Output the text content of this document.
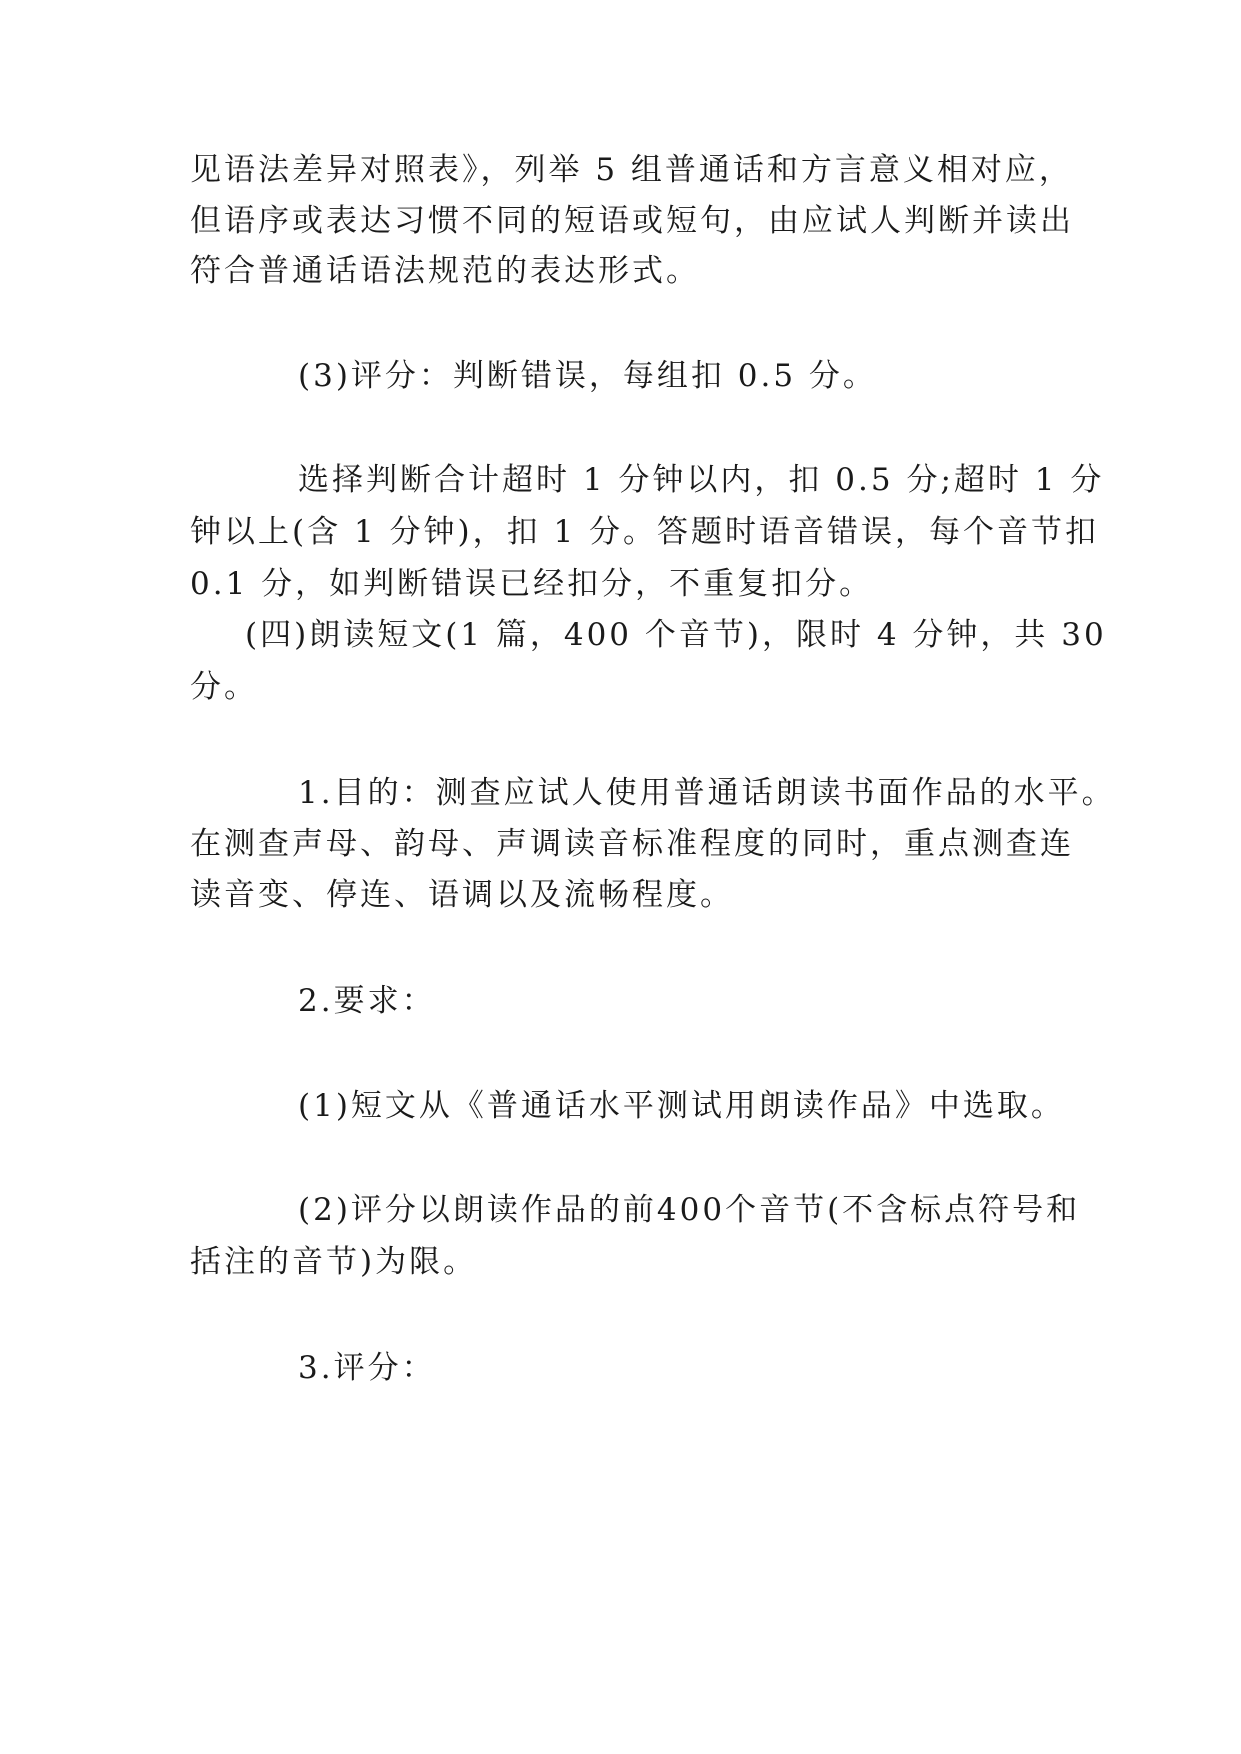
见语法差异对照表》，列举 5 组普通话和方言意义相对应，
但语序或表达习惯不同的短语或短句，由应试人判断并读出
符合普通话语法规范的表达形式。
(3)评分：判断错误，每组扣 0.5 分。
选择判断合计超时 1 分钟以内，扣 0.5 分;超时 1 分
钟以上(含 1 分钟)，扣 1 分。答题时语音错误，每个音节扣
0.1 分，如判断错误已经扣分，不重复扣分。
(四)朗读短文(1 篇，400 个音节)，限时 4 分钟，共 30
分。
1.目的：测查应试人使用普通话朗读书面作品的水平。
在测查声母、韵母、声调读音标准程度的同时，重点测查连
读音变、停连、语调以及流畅程度。
2.要求：
(1)短文从《普通话水平测试用朗读作品》中选取。
(2)评分以朗读作品的前400个音节(不含标点符号和
括注的音节)为限。
3.评分：
